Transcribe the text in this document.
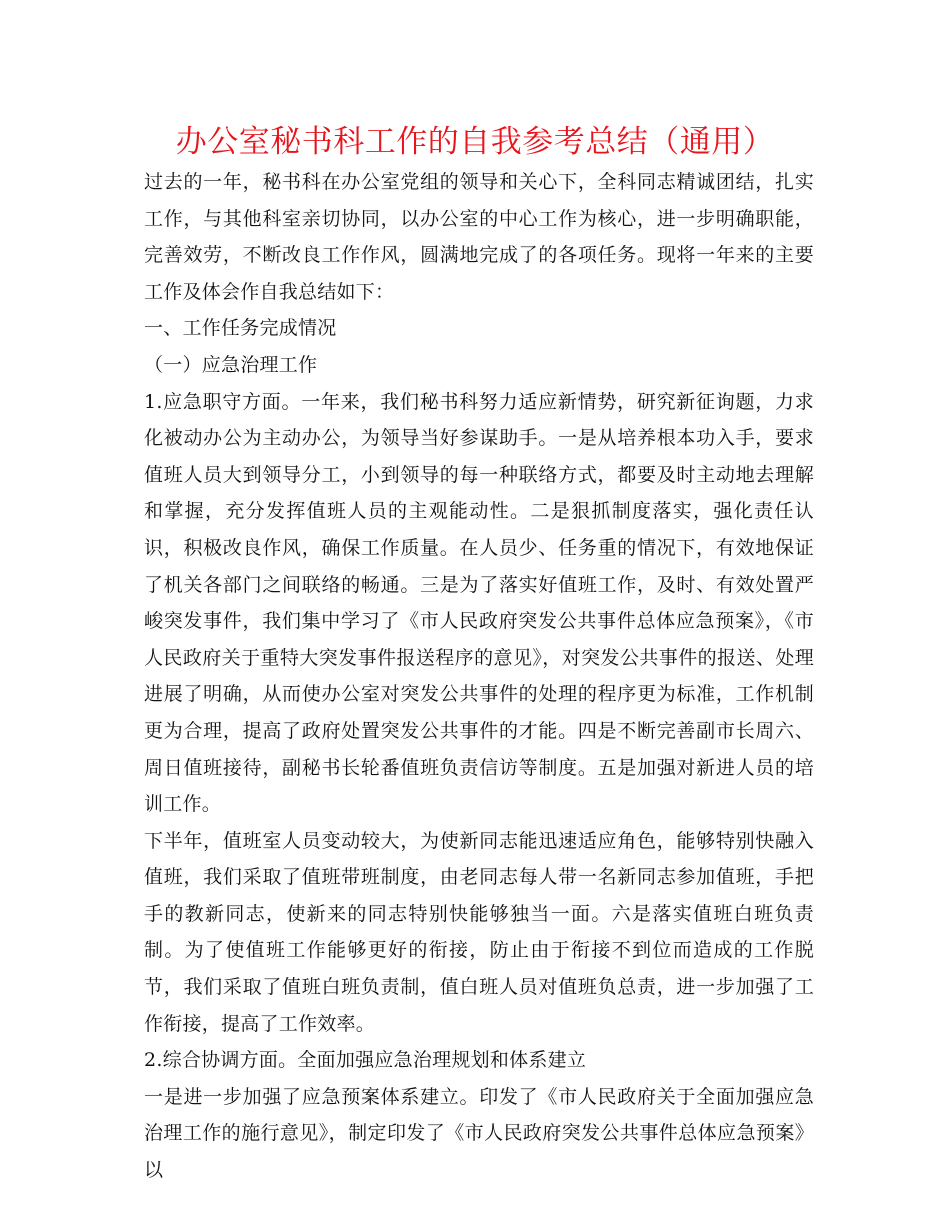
办公室秘书科工作的自我参考总结（通用）

过去的一年，秘书科在办公室党组的领导和关心下，全科同志精诚团结，扎实工作，与其他科室亲切协同，以办公室的中心工作为核心，进一步明确职能，完善效劳，不断改良工作作风，圆满地完成了的各项任务。现将一年来的主要工作及体会作自我总结如下：

一、工作任务完成情况

（一）应急治理工作

1.应急职守方面。一年来，我们秘书科努力适应新情势，研究新征询题，力求化被动办公为主动办公，为领导当好参谋助手。一是从培养根本功入手，要求值班人员大到领导分工，小到领导的每一种联络方式，都要及时主动地去理解和掌握，充分发挥值班人员的主观能动性。二是狠抓制度落实，强化责任认识，积极改良作风，确保工作质量。在人员少、任务重的情况下，有效地保证了机关各部门之间联络的畅通。三是为了落实好值班工作，及时、有效处置严峻突发事件，我们集中学习了《市人民政府突发公共事件总体应急预案》，《市人民政府关于重特大突发事件报送程序的意见》，对突发公共事件的报送、处理进展了明确，从而使办公室对突发公共事件的处理的程序更为标准，工作机制更为合理，提高了政府处置突发公共事件的才能。四是不断完善副市长周六、周日值班接待，副秘书长轮番值班负责信访等制度。五是加强对新进人员的培训工作。

下半年，值班室人员变动较大，为使新同志能迅速适应角色，能够特别快融入值班，我们采取了值班带班制度，由老同志每人带一名新同志参加值班，手把手的教新同志，使新来的同志特别快能够独当一面。六是落实值班白班负责制。为了使值班工作能够更好的衔接，防止由于衔接不到位而造成的工作脱节，我们采取了值班白班负责制，值白班人员对值班负总责，进一步加强了工作衔接，提高了工作效率。

2.综合协调方面。全面加强应急治理规划和体系建立

一是进一步加强了应急预案体系建立。印发了《市人民政府关于全面加强应急治理工作的施行意见》，制定印发了《市人民政府突发公共事件总体应急预案》以
